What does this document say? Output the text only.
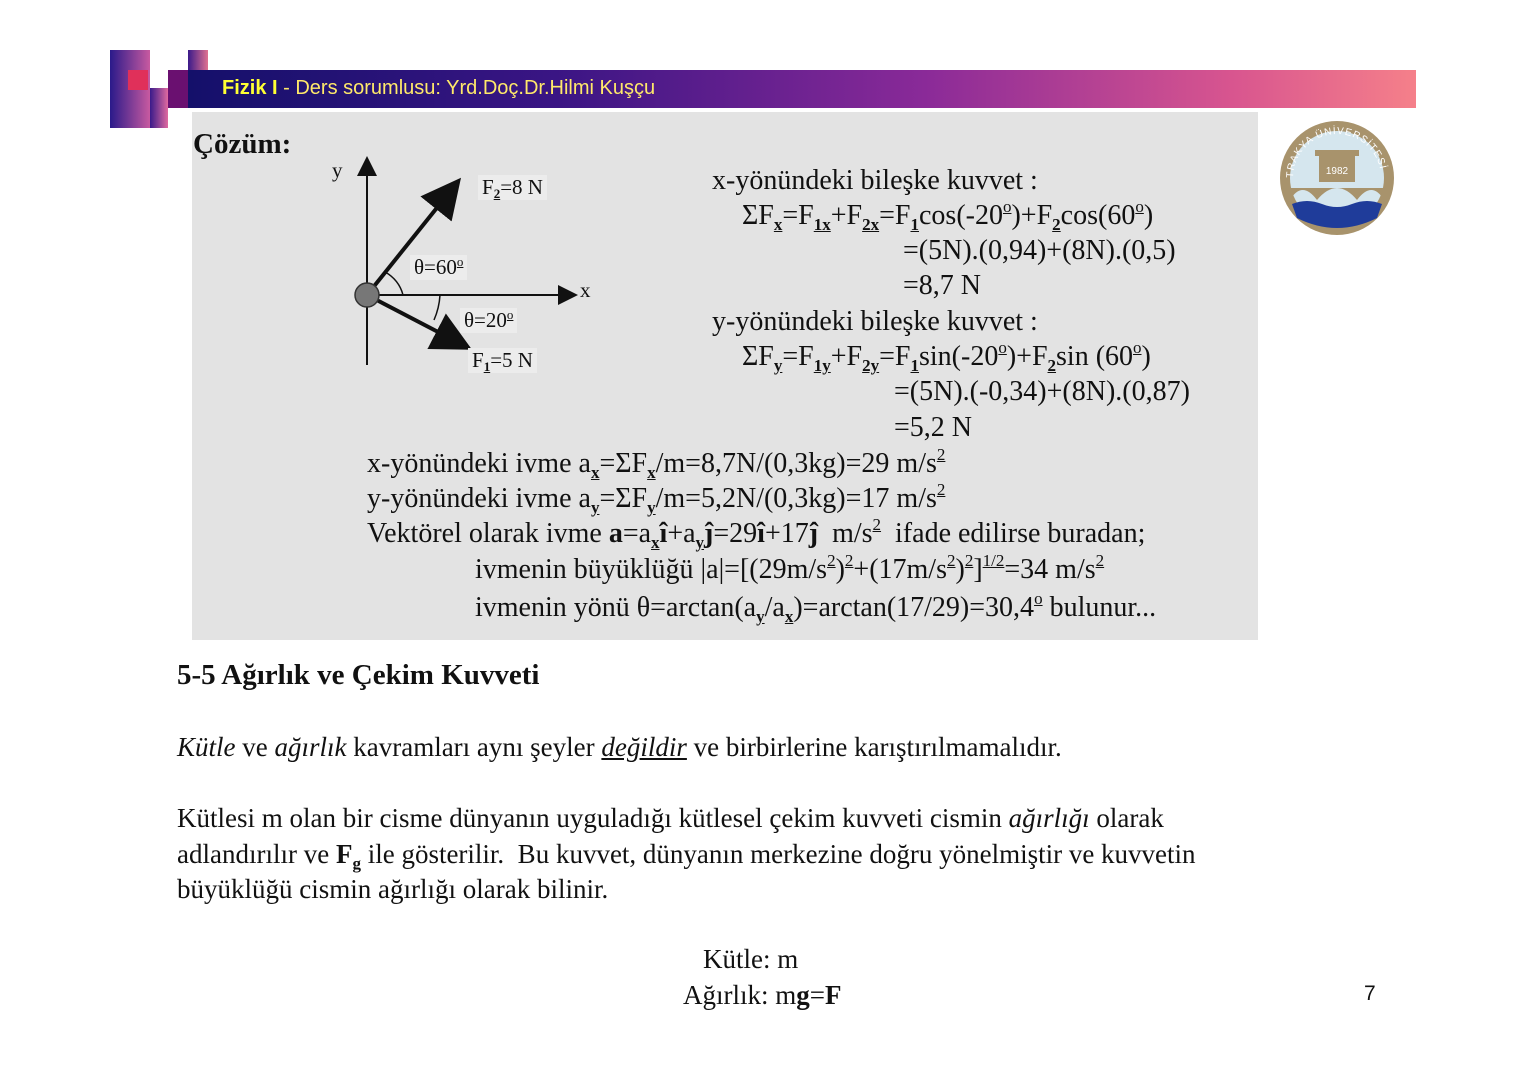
Fizik I - Ders sorumlusu: Yrd.Doç.Dr.Hilmi Kuşçu
1982
Çözüm:
y
x
$F_2=8$ N
$\theta=60^o$
$\theta=20^o$
$F_1=5$ N
x-yönündeki bileşke kuvvet :
$\Sigma F_x=F_{1x}+F_{2x}=F_1\cos(-20^o)+F_2\cos(60^o)$
=(5N).(0,94)+(8N).(0,5)
=8,7 N
y-yönündeki bileşke kuvvet :
$\Sigma F_y=F_{1y}+F_{2y}=F_1\sin(-20^o)+F_2\sin$ $(60^o)$
=(5N).(-0,34)+(8N).(0,87)
=5,2 N
x-yönündeki ivme $a_x=\Sigma F_x/m=8,7N/(0,3kg)=29$ $m/s^2$
y-yönündeki ivme $a_y=\Sigma F_y/m=5,2N/(0,3kg)=17$ $m/s^2$
Vektörel olarak ivme $a=a_xî+a_yĵ=29î+17ĵ$  $m/s^2$  ifade edilirse buradan;
ivmenin büyüklüğü $|a|=[(29m/s^2)^2+(17m/s^2)^2]^{1/2}=34$ $m/s^2$
ivmenin yönü $\theta=\arctan(a_y/a_x)=\arctan(17/29)=30,4^o$ bulunur...
5-5 Ağırlık ve Çekim Kuvveti
Kütle ve ağırlık kavramları aynı şeyler değildir ve birbirlerine karıştırılmamalıdır.
Kütlesi m olan bir cisme dünyanın uyguladığı kütlesel çekim kuvveti cismin ağırlığı olarak
adlandırılır ve $F_g$ ile gösterilir.  Bu kuvvet, dünyanın merkezine doğru yönelmiştir ve kuvvetin
büyüklüğü cismin ağırlığı olarak bilinir.
Kütle: m
Ağırlık: mg=F	7
TRAKYA ÜNİVERSİTESİ
